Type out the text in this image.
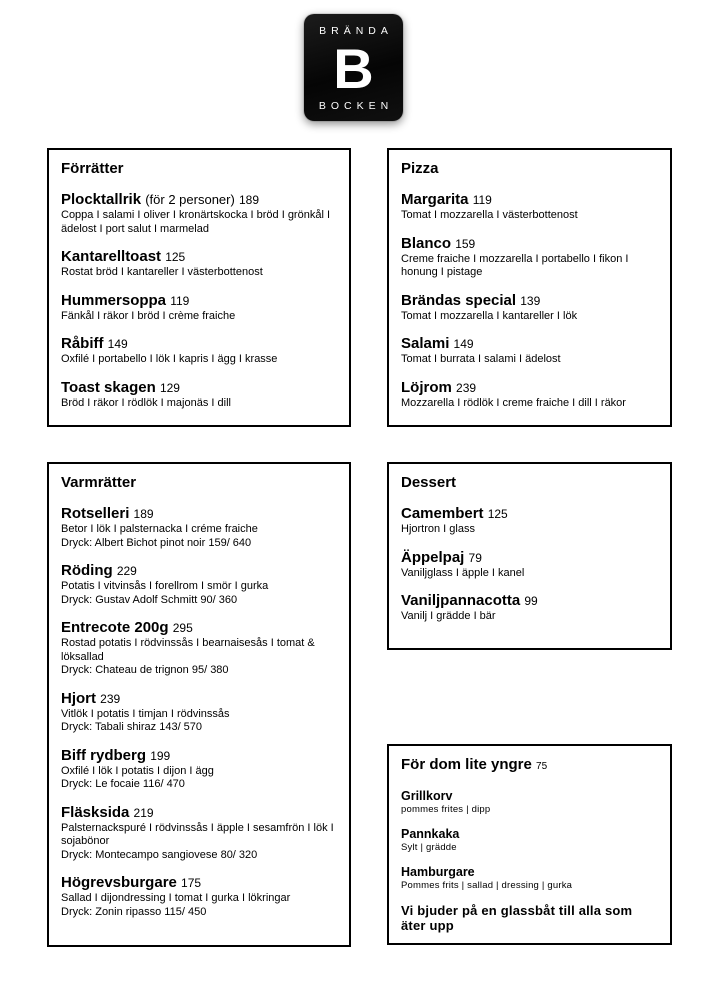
BRÄNDA
B
BOCKEN
Förrätter
Plocktallrik (för 2 personer) 189
Coppa I salami I oliver I kronärtskocka I bröd I grönkål I ädelost I port salut I marmelad
Kantarelltoast 125
Rostat bröd I kantareller I västerbottenost
Hummersoppa 119
Fänkål I räkor I bröd I crème fraiche
Råbiff 149
Oxfilé I portabello I lök I kapris I ägg I krasse
Toast skagen 129
Bröd I räkor I rödlök I majonäs I dill
Pizza
Margarita 119
Tomat I mozzarella I västerbottenost
Blanco 159
Creme fraiche I mozzarella I portabello I fikon I honung I pistage
Brändas special 139
Tomat I mozzarella I kantareller I lök
Salami 149
Tomat I burrata I salami I ädelost
Löjrom 239
Mozzarella I rödlök I creme fraiche I dill I räkor
Varmrätter
Rotselleri 189
Betor I lök I palsternacka I créme fraiche
Dryck: Albert Bichot pinot noir 159/ 640
Röding 229
Potatis I vitvinsås I forellrom I smör I gurka
Dryck: Gustav Adolf Schmitt 90/ 360
Entrecote 200g 295
Rostad potatis I rödvinssås I bearnaisesås I tomat & löksallad
Dryck: Chateau de trignon 95/ 380
Hjort 239
Vitlök I potatis I timjan I rödvinssås
Dryck: Tabali shiraz 143/ 570
Biff rydberg 199
Oxfilé I lök I potatis I dijon I ägg
Dryck: Le focaie 116/ 470
Fläsksida 219
Palsternackspuré I rödvinssås I äpple I sesamfrön I lök I sojabönor
Dryck: Montecampo sangiovese 80/ 320
Högrevsburgare 175
Sallad I dijondressing I tomat I gurka I lökringar
Dryck: Zonin ripasso 115/ 450
Dessert
Camembert 125
Hjortron I glass
Äppelpaj 79
Vaniljglass I äpple I kanel
Vaniljpannacotta 99
Vanilj I grädde I bär
För dom lite yngre 75
Grillkorv
pommes frites | dipp
Pannkaka
Sylt | grädde
Hamburgare
Pommes frits | sallad | dressing | gurka
Vi bjuder på en glassbåt till alla som äter upp
